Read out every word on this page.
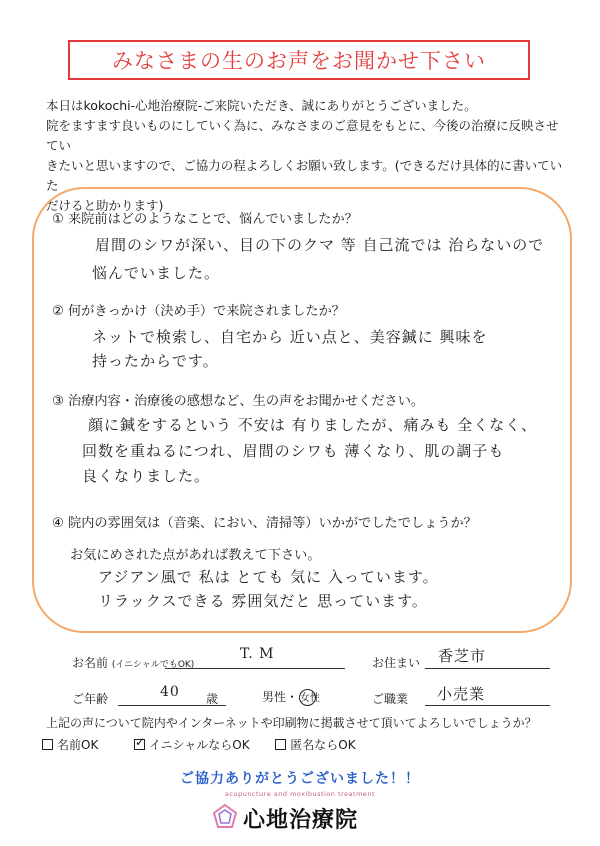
みなさまの生のお声をお聞かせ下さい

本日はkokochi-心地治療院-ご来院いただき、誠にありがとうございました。

院をますます良いものにしていく為に、みなさまのご意見をもとに、今後の治療に反映させてい

きたいと思いますので、ご協力の程よろしくお願い致します。(できるだけ具体的に書いていた

だけると助かります)

① 来院前はどのようなことで、悩んでいましたか？
眉間のシワが深い、目の下のクマ 等 自己流では 治らないので
悩んでいました。
② 何がきっかけ（決め手）で来院されましたか？
ネットで検索し、自宅から 近い点と、美容鍼に 興味を
持ったからです。
③ 治療内容・治療後の感想など、生の声をお聞かせください。
顔に鍼をするという 不安は 有りましたが、痛みも 全くなく、
回数を重ねるにつれ、眉間のシワも 薄くなり、肌の調子も
良くなりました。
④ 院内の雰囲気は（音楽、におい、清掃等）いかがでしたでしょうか？
お気にめされた点があれば教えて下さい。
アジアン風で 私は とても 気に 入っています。
リラックスできる 雰囲気だと 思っています。
お名前 (イニシャルでもOK)
T. M
お住まい 香芝市
ご年齢	40 歳	男性・ 女性	ご職業 小売業
上記の声について院内やインターネットや印刷物に掲載させて頂いてよろしいでしょうか？
名前OK ✓	イニシャルならOK	匿名ならOK
ご協力ありがとうございました！！
acupuncture and moxibustion treatment
心地治療院
